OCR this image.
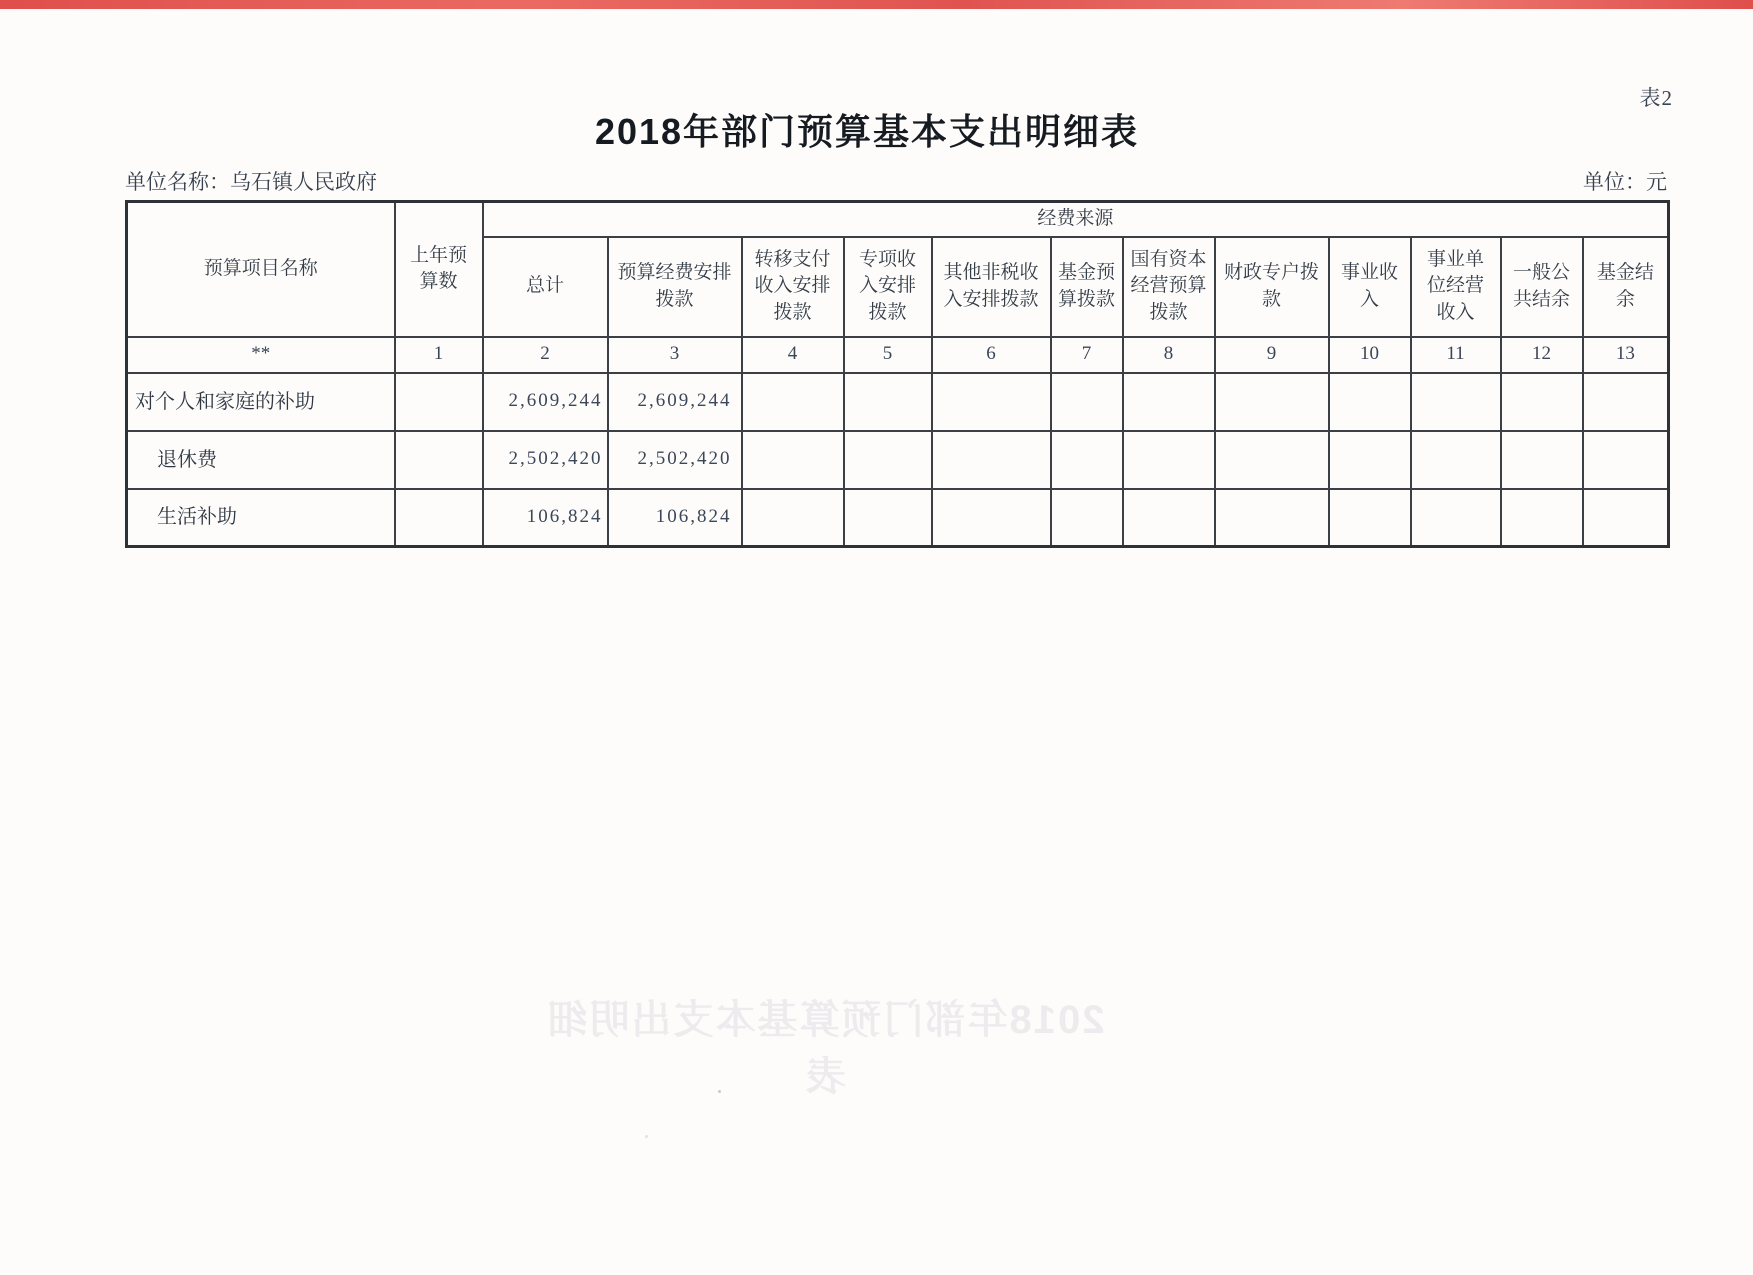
表2
2018年部门预算基本支出明细表
单位名称：乌石镇人民政府	单位：元
预算项目名称	上年预算数	经费来源											
		总计	预算经费安排拨款	转移支付收入安排拨款	专项收入安排拨款	其他非税收入安排拨款	基金预算拨款	国有资本经营预算拨款	财政专户拨款	事业收入	事业单位经营收入	一般公共结余	基金结余
**	1	2	3	4	5	6	7	8	9	10	11	12	13
对个人和家庭的补助		2,609,244	2,609,244										
退休费		2,502,420	2,502,420										
生活补助		106,824	106,824										
2018年部门预算基本支出明细表
